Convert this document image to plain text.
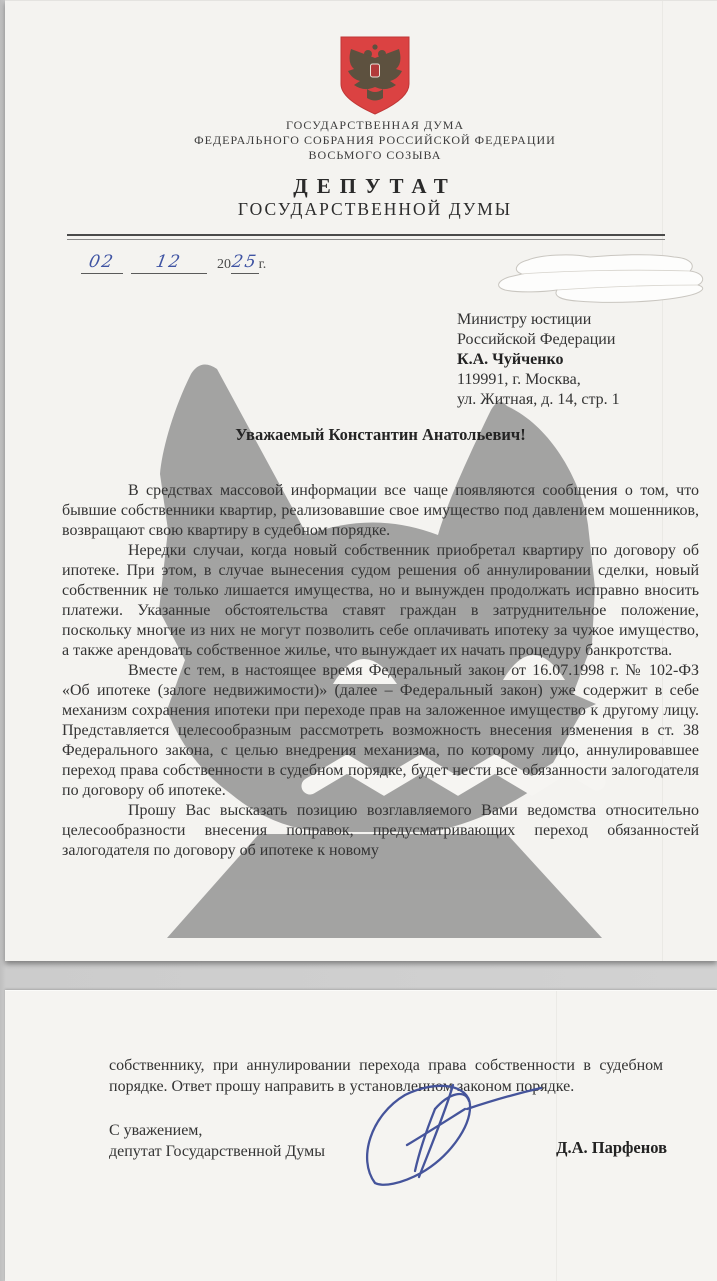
ГОСУДАРСТВЕННАЯ ДУМА
ФЕДЕРАЛЬНОГО СОБРАНИЯ РОССИЙСКОЙ ФЕДЕРАЦИИ
ВОСЬМОГО СОЗЫВА
ДЕПУТАТ
ГОСУДАРСТВЕННОЙ ДУМЫ
02	12	20 25 г.
Министру юстиции
Российской Федерации
К.А. Чуйченко
119991, г. Москва,
ул. Житная, д. 14, стр. 1

Уважаемый Константин Анатольевич!

В средствах массовой информации все чаще появляются сообщения о том, что бывшие собственники квартир, реализовавшие свое имущество под давлением мошенников, возвращают свою квартиру в судебном порядке.

Нередки случаи, когда новый собственник приобретал квартиру по договору об ипотеке. При этом, в случае вынесения судом решения об аннулировании сделки, новый собственник не только лишается имущества, но и вынужден продолжать исправно вносить платежи. Указанные обстоятельства ставят граждан в затруднительное положение, поскольку многие из них не могут позволить себе оплачивать ипотеку за чужое имущество, а также арендовать собственное жилье, что вынуждает их начать процедуру банкротства.

Вместе с тем, в настоящее время Федеральный закон от 16.07.1998 г. № 102-ФЗ «Об ипотеке (залоге недвижимости)» (далее – Федеральный закон) уже содержит в себе механизм сохранения ипотеки при переходе прав на заложенное имущество к другому лицу. Представляется целесообразным рассмотреть возможность внесения изменения в ст. 38 Федерального закона, с целью внедрения механизма, по которому лицо, аннулировавшее переход права собственности в судебном порядке, будет нести все обязанности залогодателя по договору об ипотеке.

Прошу Вас высказать позицию возглавляемого Вами ведомства относительно целесообразности внесения поправок, предусматривающих переход обязанностей залогодателя по договору об ипотеке к новому

собственнику, при аннулировании перехода права собственности в судебном порядке. Ответ прошу направить в установленном законом порядке.

С уважением,
депутат Государственной Думы	Д.А. Парфенов
